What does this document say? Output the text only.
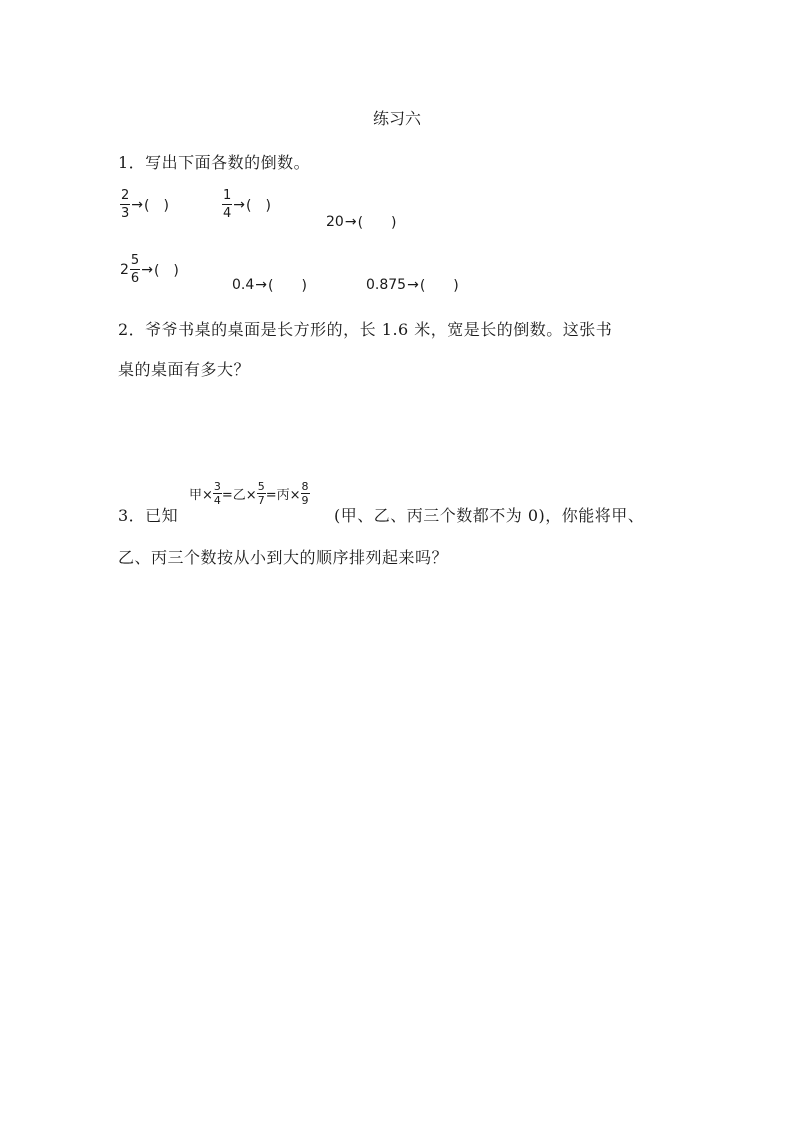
练习六
1．写出下面各数的倒数。
$\frac{2}{3}$ → (　)	$\frac{1}{4}$ → (　)
20 → (　　)
$2 \frac{5}{6}$ → (　)
0.4 → (　　)	0.875 → (　　)
2．爷爷书桌的桌面是长方形的，长 1.6 米，宽是长的倒数。这张书
桌的桌面有多大？
3．已知
甲× $\frac{3}{4}$ =乙× $\frac{5}{7}$ =丙× $\frac{8}{9}$
(甲、乙、丙三个数都不为 0)，你能将甲、
乙、丙三个数按从小到大的顺序排列起来吗？
